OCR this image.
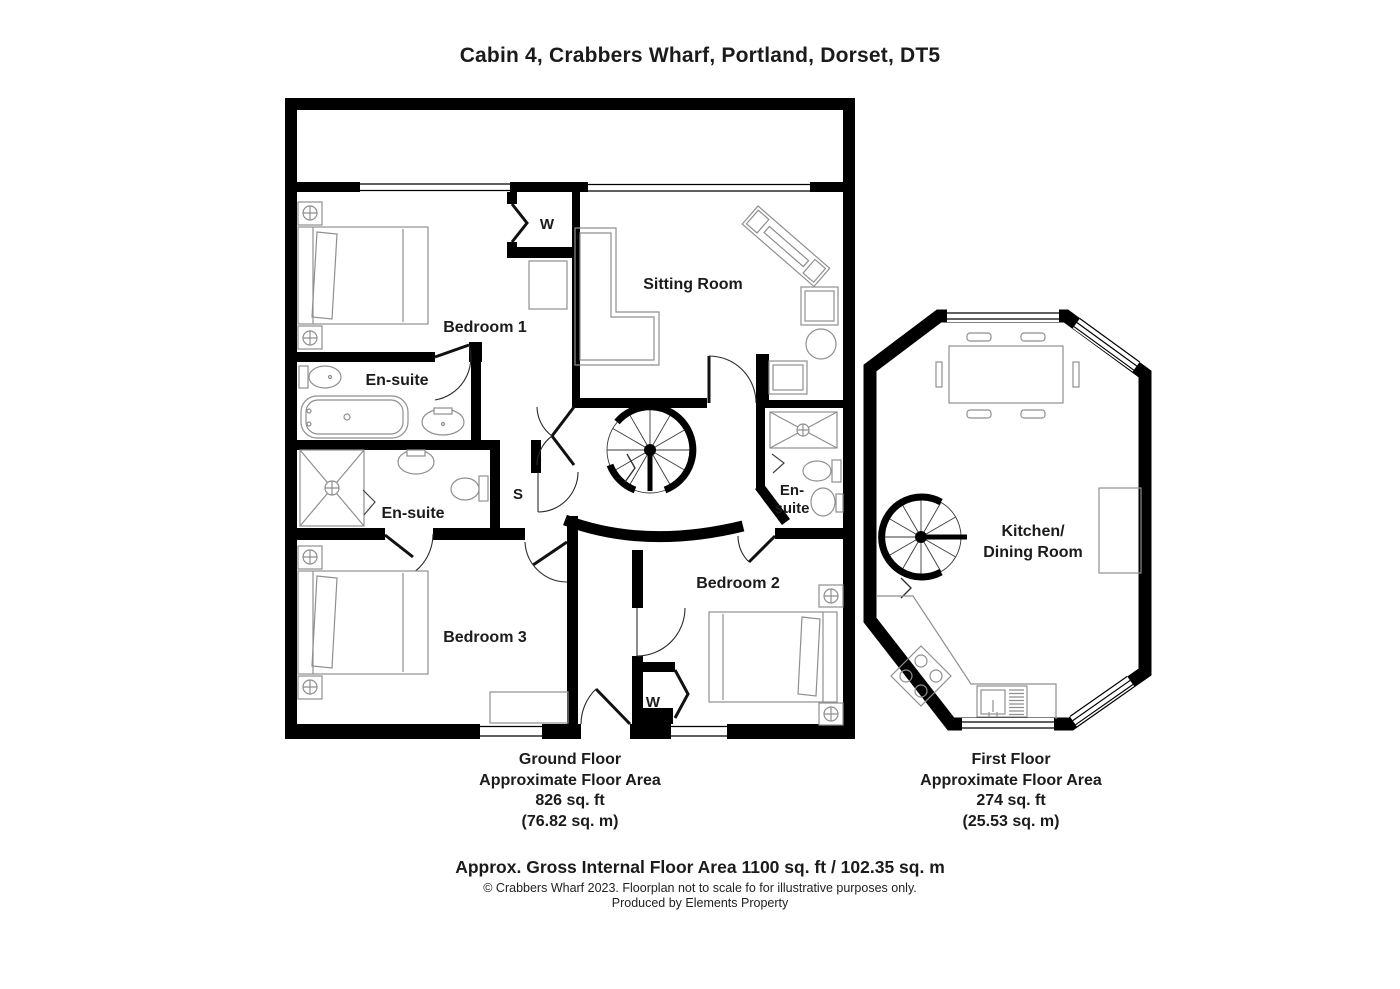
Cabin 4, Crabbers Wharf, Portland, Dorset, DT5
Bedroom 1
Sitting Room
En-suite
En-suite
S
W
W
En-
suite
Bedroom 2
Bedroom 3
Kitchen/
Dining Room
Ground Floor
Approximate Floor Area
826 sq. ft
(76.82 sq. m)
First Floor
Approximate Floor Area
274 sq. ft
(25.53 sq. m)
Approx. Gross Internal Floor Area 1100 sq. ft / 102.35 sq. m
© Crabbers Wharf 2023. Floorplan not to scale fo for illustrative purposes only.
Produced by Elements Property
